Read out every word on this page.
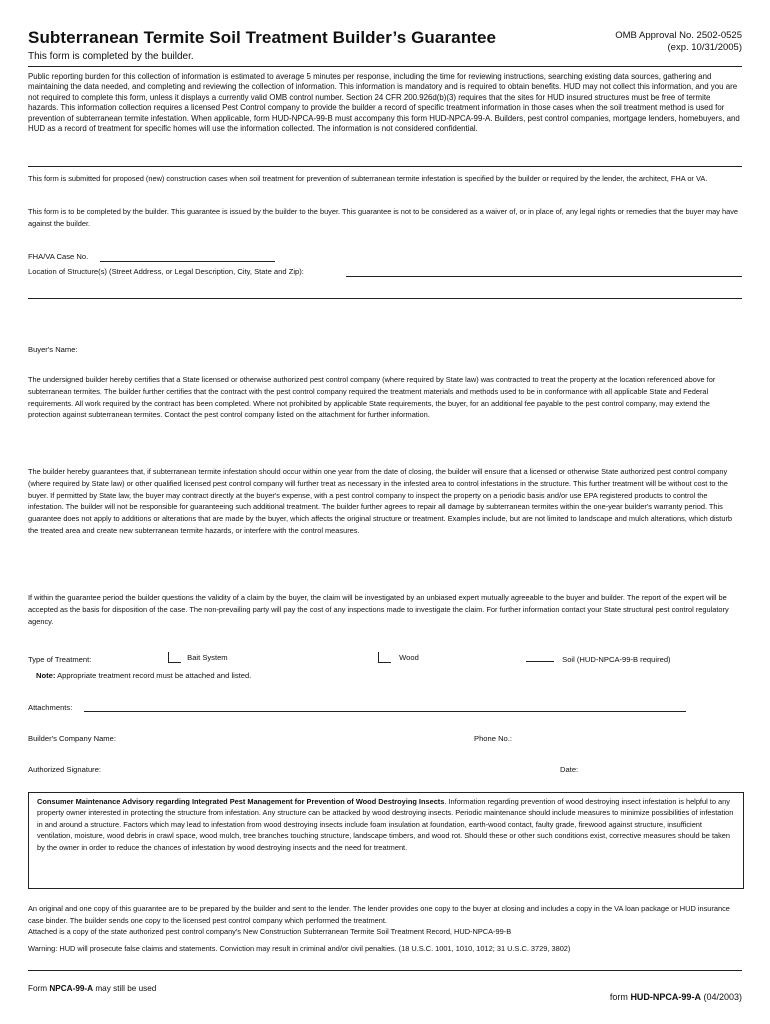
Subterranean Termite Soil Treatment Builder’s Guarantee
This form is completed by the builder.
OMB Approval No. 2502-0525
(exp. 10/31/2005)
Public reporting burden for this collection of information is estimated to average 5 minutes per response, including the time for reviewing instructions, searching existing data sources, gathering and maintaining the data needed, and completing and reviewing the collection of information. This information is mandatory and is required to obtain benefits. HUD may not collect this information, and you are not required to complete this form, unless it displays a currently valid OMB control number. Section 24 CFR 200.926d(b)(3) requires that the sites for HUD insured structures must be free of termite hazards. This information collection requires a licensed Pest Control company to provide the builder a record of specific treatment information in those cases when the soil treatment method is used for prevention of subterranean termite infestation. When applicable, form HUD-NPCA-99-B must accompany this form HUD-NPCA-99-A. Builders, pest control companies, mortgage lenders, homebuyers, and HUD as a record of treatment for specific homes will use the information collected. The information is not considered confidential.
This form is submitted for proposed (new) construction cases when soil treatment for prevention of subterranean termite infestation is specified by the builder or required by the lender, the architect, FHA or VA.
This form is to be completed by the builder. This guarantee is issued by the builder to the buyer. This guarantee is not to be considered as a waiver of, or in place of, any legal rights or remedies that the buyer may have against the builder.
FHA/VA Case No.
Location of Structure(s) (Street Address, or Legal Description, City, State and Zip):
Buyer's Name:
The undersigned builder hereby certifies that a State licensed or otherwise authorized pest control company (where required by State law) was contracted to treat the property at the location referenced above for subterranean termites. The builder further certifies that the contract with the pest control company required the treatment materials and methods used to be in conformance with all applicable State and Federal requirements. All work required by the contract has been completed. Where not prohibited by applicable State requirements, the buyer, for an additional fee payable to the pest control company, may extend the protection against subterranean termites. Contact the pest control company listed on the attachment for further information.
The builder hereby guarantees that, if subterranean termite infestation should occur within one year from the date of closing, the builder will ensure that a licensed or otherwise State authorized pest control company (where required by State law) or other qualified licensed pest control company will further treat as necessary in the infested area to control infestations in the structure. This further treatment will be without cost to the buyer. If permitted by State law, the buyer may contract directly at the buyer's expense, with a pest control company to inspect the property on a periodic basis and/or use EPA registered products to control the infestation. The builder will not be responsible for guaranteeing such additional treatment. The builder further agrees to repair all damage by subterranean termites within the one-year builder's warranty period. This guarantee does not apply to additions or alterations that are made by the buyer, which affects the original structure or treatment. Examples include, but are not limited to landscape and mulch alterations, which disturb the treated area and create new subterranean termite hazards, or interfere with the control measures.
If within the guarantee period the builder questions the validity of a claim by the buyer, the claim will be investigated by an unbiased expert mutually agreeable to the buyer and builder. The report of the expert will be accepted as the basis for disposition of the case. The non-prevailing party will pay the cost of any inspections made to investigate the claim. For further information contact your State structural pest control regulatory agency.
Type of Treatment:	Bait System	Wood	Soil (HUD-NPCA-99-B required)
Note: Appropriate treatment record must be attached and listed.
Attachments:
Builder's Company Name:	Phone No.:
Authorized Signature:	Date:

Consumer Maintenance Advisory regarding Integrated Pest Management for Prevention of Wood Destroying Insects. Information regarding prevention of wood destroying insect infestation is helpful to any property owner interested in protecting the structure from infestation. Any structure can be attacked by wood destroying insects. Periodic maintenance should include measures to minimize possibilities of infestation in and around a structure. Factors which may lead to infestation from wood destroying insects include foam insulation at foundation, earth-wood contact, faulty grade, firewood against structure, insufficient ventilation, moisture, wood debris in crawl space, wood mulch, tree branches touching structure, landscape timbers, and wood rot. Should these or other such conditions exist, corrective measures should be taken by the owner in order to reduce the chances of infestation by wood destroying insects and the need for treatment.

An original and one copy of this guarantee are to be prepared by the builder and sent to the lender. The lender provides one copy to the buyer at closing and includes a copy in the VA loan package or HUD insurance case binder. The builder sends one copy to the licensed pest control company which performed the treatment.
Attached is a copy of the state authorized pest control company's New Construction Subterranean Termite Soil Treatment Record, HUD-NPCA-99-B
Warning: HUD will prosecute false claims and statements. Conviction may result in criminal and/or civil penalties. (18 U.S.C. 1001, 1010, 1012; 31 U.S.C. 3729, 3802)
Form NPCA-99-A may still be used
form HUD-NPCA-99-A (04/2003)
